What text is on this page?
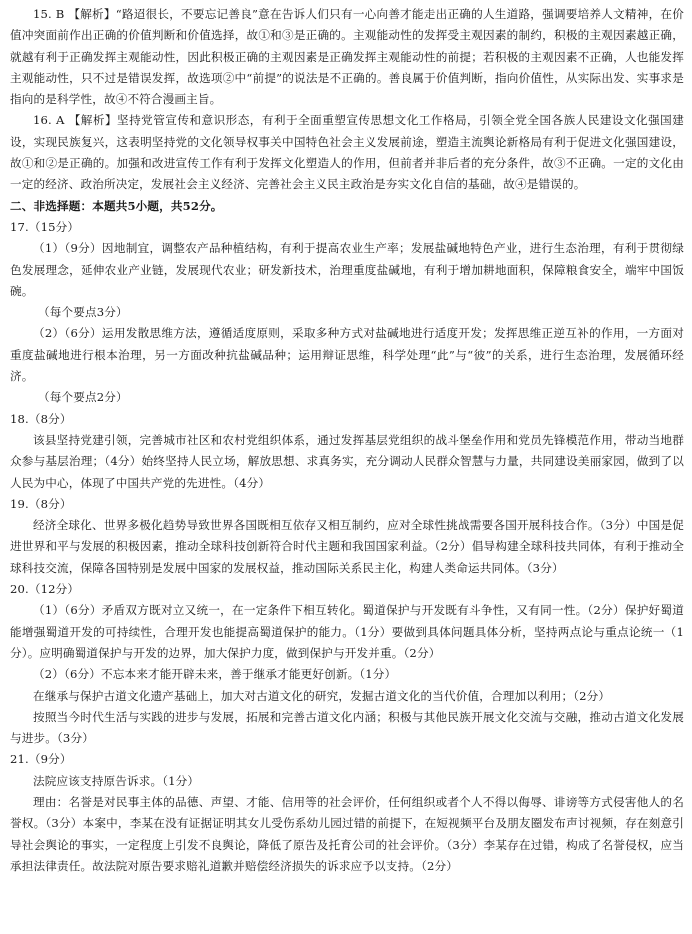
15. B 【解析】“路迢很长，不要忘记善良”意在告诉人们只有一心向善才能走出正确的人生道路，强调要培养人文精神，在价值冲突面前作出正确的价值判断和价值选择，故①和③是正确的。主观能动性的发挥受主观因素的制约，积极的主观因素越正确，就越有利于正确发挥主观能动性，因此积极正确的主观因素是正确发挥主观能动性的前提；若积极的主观因素不正确，人也能发挥主观能动性，只不过是错误发挥，故选项②中“前提”的说法是不正确的。善良属于价值判断，指向价值性，从实际出发、实事求是指向的是科学性，故④不符合漫画主旨。

16. A 【解析】坚持党管宣传和意识形态，有利于全面重塑宣传思想文化工作格局，引领全党全国各族人民建设文化强国建设，实现民族复兴，这表明坚持党的文化领导权事关中国特色社会主义发展前途，塑造主流舆论新格局有利于促进文化强国建设，故①和②是正确的。加强和改进宣传工作有利于发挥文化塑造人的作用，但前者并非后者的充分条件，故③不正确。一定的文化由一定的经济、政治所决定，发展社会主义经济、完善社会主义民主政治是夯实文化自信的基础，故④是错误的。

二、非选择题：本题共5小题，共52分。

17.（15分）

（1）（9分）因地制宜，调整农产品种植结构，有利于提高农业生产率；发展盐碱地特色产业，进行生态治理，有利于贯彻绿色发展理念，延伸农业产业链，发展现代农业；研发新技术，治理重度盐碱地，有利于增加耕地面积，保障粮食安全，端牢中国饭碗。

（每个要点3分）

（2）（6分）运用发散思维方法，遵循适度原则，采取多种方式对盐碱地进行适度开发；发挥思维正逆互补的作用，一方面对重度盐碱地进行根本治理，另一方面改种抗盐碱品种；运用辩证思维，科学处理“此”与“彼”的关系，进行生态治理，发展循环经济。

（每个要点2分）

18.（8分）

该县坚持党建引领，完善城市社区和农村党组织体系，通过发挥基层党组织的战斗堡垒作用和党员先锋模范作用，带动当地群众参与基层治理；（4分）始终坚持人民立场，解放思想、求真务实，充分调动人民群众智慧与力量，共同建设美丽家园，做到了以人民为中心，体现了中国共产党的先进性。（4分）

19.（8分）

经济全球化、世界多极化趋势导致世界各国既相互依存又相互制约，应对全球性挑战需要各国开展科技合作。（3分）中国是促进世界和平与发展的积极因素，推动全球科技创新符合时代主题和我国国家利益。（2分）倡导构建全球科技共同体，有利于推动全球科技交流，保障各国特别是发展中国家的发展权益，推动国际关系民主化，构建人类命运共同体。（3分）

20.（12分）

（1）（6分）矛盾双方既对立又统一，在一定条件下相互转化。蜀道保护与开发既有斗争性，又有同一性。（2分）保护好蜀道能增强蜀道开发的可持续性，合理开发也能提高蜀道保护的能力。（1分）要做到具体问题具体分析，坚持两点论与重点论统一（1分）。应明确蜀道保护与开发的边界，加大保护力度，做到保护与开发并重。（2分）

（2）（6分）不忘本来才能开辟未来，善于继承才能更好创新。（1分）

在继承与保护古道文化遗产基础上，加大对古道文化的研究，发掘古道文化的当代价值，合理加以利用；（2分）

按照当今时代生活与实践的进步与发展，拓展和完善古道文化内涵；积极与其他民族开展文化交流与交融，推动古道文化发展与进步。（3分）

21.（9分）

法院应该支持原告诉求。（1分）

理由：名誉是对民事主体的品德、声望、才能、信用等的社会评价，任何组织或者个人不得以侮辱、诽谤等方式侵害他人的名誉权。（3分）本案中，李某在没有证据证明其女儿受伤系幼儿园过错的前提下，在短视频平台及朋友圈发布声讨视频，存在刻意引导社会舆论的事实，一定程度上引发不良舆论，降低了原告及托育公司的社会评价。（3分）李某存在过错，构成了名誉侵权，应当承担法律责任。故法院对原告要求赔礼道歉并赔偿经济损失的诉求应予以支持。（2分）
